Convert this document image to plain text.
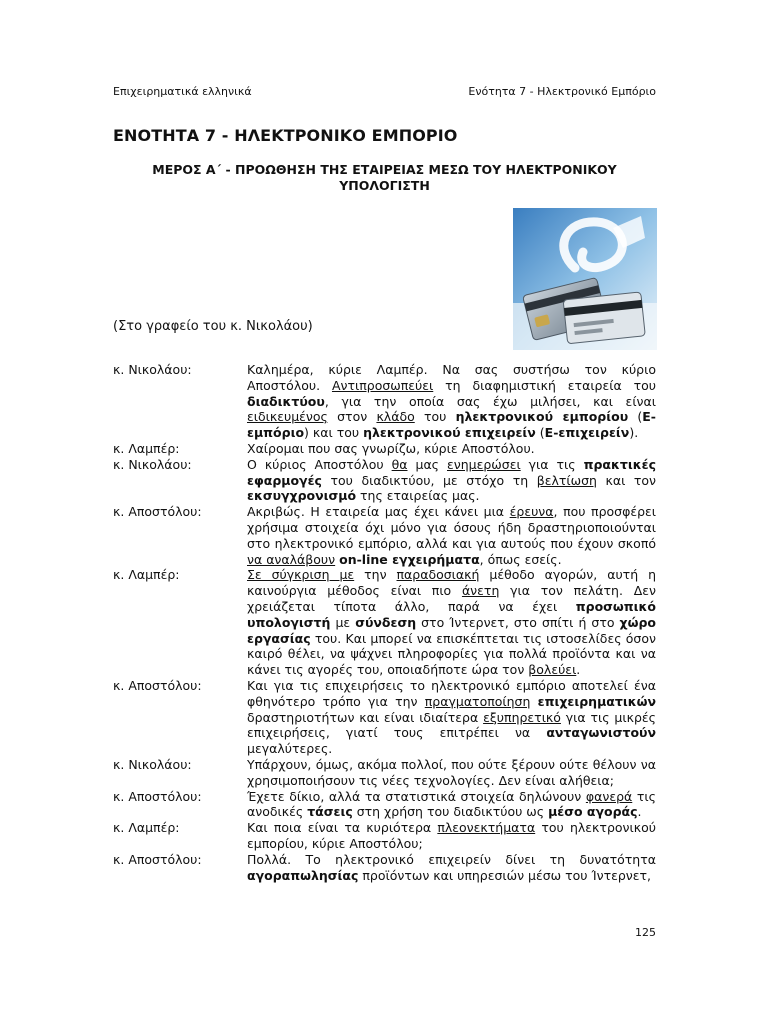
Επιχειρηματικά ελληνικά	Ενότητα 7 - Ηλεκτρονικό Εμπόριο
ΕΝΟΤΗΤΑ 7 - ΗΛΕΚΤΡΟΝΙΚΟ ΕΜΠΟΡΙΟ
ΜΕΡΟΣ Α΄ - ΠΡΟΩΘΗΣΗ ΤΗΣ ΕΤΑΙΡΕΙΑΣ ΜΕΣΩ ΤΟΥ ΗΛΕΚΤΡΟΝΙΚΟΥ ΥΠΟΛΟΓΙΣΤΗ
(Στο γραφείο του κ. Νικολάου)
κ. Νικολάου:	Καλημέρα, κύριε Λαμπέρ. Να σας συστήσω τον κύριο Αποστόλου. Αντιπροσωπεύει τη διαφημιστική εταιρεία του διαδικτύου, για την οποία σας έχω μιλήσει, και είναι ειδικευμένος στον κλάδο του ηλεκτρονικού εμπορίου (Ε-εμπόριο) και του ηλεκτρονικού επιχειρείν (Ε-επιχειρείν).
κ. Λαμπέρ:	Χαίρομαι που σας γνωρίζω, κύριε Αποστόλου.
κ. Νικολάου:	Ο κύριος Αποστόλου θα μας ενημερώσει για τις πρακτικές εφαρμογές του διαδικτύου, με στόχο τη βελτίωση και τον εκσυγχρονισμό της εταιρείας μας.
κ. Αποστόλου:	Ακριβώς. Η εταιρεία μας έχει κάνει μια έρευνα, που προσφέρει χρήσιμα στοιχεία όχι μόνο για όσους ήδη δραστηριοποιούνται στο ηλεκτρονικό εμπόριο, αλλά και για αυτούς που έχουν σκοπό να αναλάβουν on-line εγχειρήματα, όπως εσείς.
κ. Λαμπέρ:	Σε σύγκριση με την παραδοσιακή μέθοδο αγορών, αυτή η καινούργια μέθοδος είναι πιο άνετη για τον πελάτη. Δεν χρειάζεται τίποτα άλλο, παρά να έχει προσωπικό υπολογιστή με σύνδεση στο Ίντερνετ, στο σπίτι ή στο χώρο εργασίας του. Και μπορεί να επισκέπτεται τις ιστοσελίδες όσον καιρό θέλει, να ψάχνει πληροφορίες για πολλά προϊόντα και να κάνει τις αγορές του, οποιαδήποτε ώρα τον βολεύει.
κ. Αποστόλου:	Και για τις επιχειρήσεις το ηλεκτρονικό εμπόριο αποτελεί ένα φθηνότερο τρόπο για την πραγματοποίηση επιχειρηματικών δραστηριοτήτων και είναι ιδιαίτερα εξυπηρετικό για τις μικρές επιχειρήσεις, γιατί τους επιτρέπει να ανταγωνιστούν μεγαλύτερες.
κ. Νικολάου:	Υπάρχουν, όμως, ακόμα πολλοί, που ούτε ξέρουν ούτε θέλουν να χρησιμοποιήσουν τις νέες τεχνολογίες. Δεν είναι αλήθεια;
κ. Αποστόλου:	Έχετε δίκιο, αλλά τα στατιστικά στοιχεία δηλώνουν φανερά τις ανοδικές τάσεις στη χρήση του διαδικτύου ως μέσο αγοράς.
κ. Λαμπέρ:	Και ποια είναι τα κυριότερα πλεονεκτήματα του ηλεκτρονικού εμπορίου, κύριε Αποστόλου;
κ. Αποστόλου:	Πολλά. Το ηλεκτρονικό επιχειρείν δίνει τη δυνατότητα αγοραπωλησίας προϊόντων και υπηρεσιών μέσω του Ίντερνετ,
125
